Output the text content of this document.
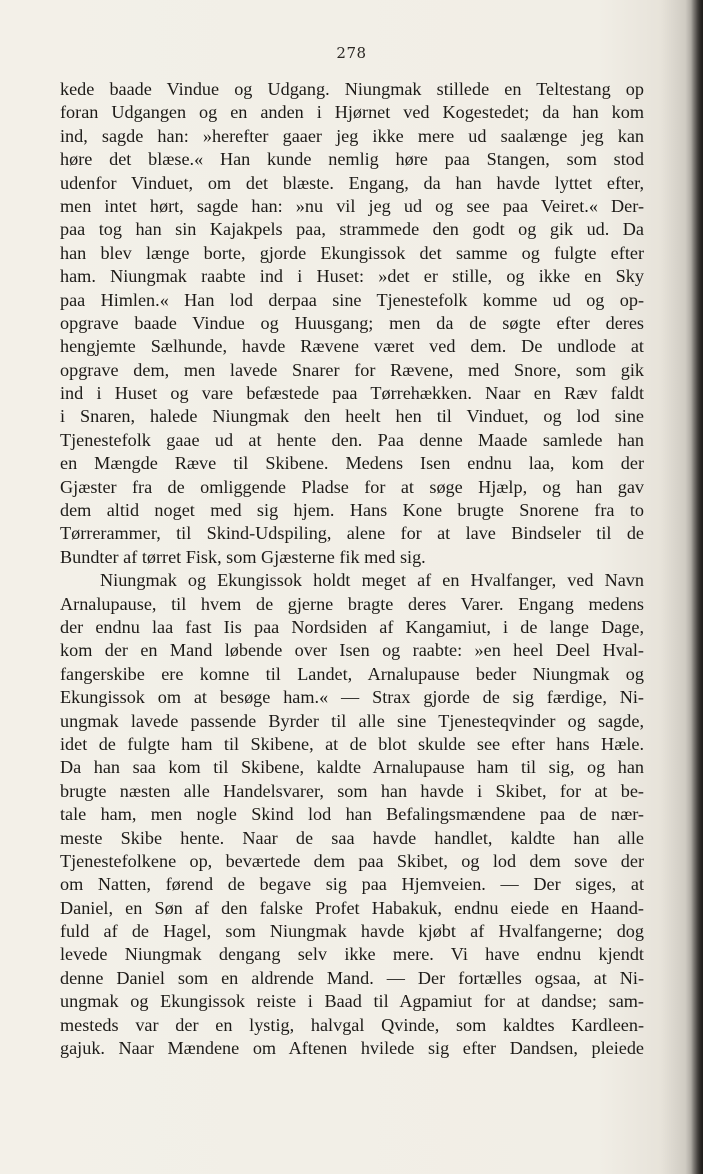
278
kede baade Vindue og Udgang. Niungmak stillede en Teltestang op
foran Udgangen og en anden i Hjørnet ved Kogestedet; da han kom
ind, sagde han: »herefter gaaer jeg ikke mere ud saalænge jeg kan
høre det blæse.« Han kunde nemlig høre paa Stangen, som stod
udenfor Vinduet, om det blæste. Engang, da han havde lyttet efter,
men intet hørt, sagde han: »nu vil jeg ud og see paa Veiret.« Der-
paa tog han sin Kajakpels paa, strammede den godt og gik ud. Da
han blev længe borte, gjorde Ekungissok det samme og fulgte efter
ham. Niungmak raabte ind i Huset: »det er stille, og ikke en Sky
paa Himlen.« Han lod derpaa sine Tjenestefolk komme ud og op-
opgrave baade Vindue og Huusgang; men da de søgte efter deres
hengjemte Sælhunde, havde Rævene været ved dem. De undlode at
opgrave dem, men lavede Snarer for Rævene, med Snore, som gik
ind i Huset og vare befæstede paa Tørrehækken. Naar en Ræv faldt
i Snaren, halede Niungmak den heelt hen til Vinduet, og lod sine
Tjenestefolk gaae ud at hente den. Paa denne Maade samlede han
en Mængde Ræve til Skibene. Medens Isen endnu laa, kom der
Gjæster fra de omliggende Pladse for at søge Hjælp, og han gav
dem altid noget med sig hjem. Hans Kone brugte Snorene fra to
Tørrerammer, til Skind-Udspiling, alene for at lave Bindseler til de
Bundter af tørret Fisk, som Gjæsterne fik med sig.
Niungmak og Ekungissok holdt meget af en Hvalfanger, ved Navn
Arnalupause, til hvem de gjerne bragte deres Varer. Engang medens
der endnu laa fast Iis paa Nordsiden af Kangamiut, i de lange Dage,
kom der en Mand løbende over Isen og raabte: »en heel Deel Hval-
fangerskibe ere komne til Landet, Arnalupause beder Niungmak og
Ekungissok om at besøge ham.« — Strax gjorde de sig færdige, Ni-
ungmak lavede passende Byrder til alle sine Tjenesteqvinder og sagde,
idet de fulgte ham til Skibene, at de blot skulde see efter hans Hæle.
Da han saa kom til Skibene, kaldte Arnalupause ham til sig, og han
brugte næsten alle Handelsvarer, som han havde i Skibet, for at be-
tale ham, men nogle Skind lod han Befalingsmændene paa de nær-
meste Skibe hente. Naar de saa havde handlet, kaldte han alle
Tjenestefolkene op, beværtede dem paa Skibet, og lod dem sove der
om Natten, førend de begave sig paa Hjemveien. — Der siges, at
Daniel, en Søn af den falske Profet Habakuk, endnu eiede en Haand-
fuld af de Hagel, som Niungmak havde kjøbt af Hvalfangerne; dog
levede Niungmak dengang selv ikke mere. Vi have endnu kjendt
denne Daniel som en aldrende Mand. — Der fortælles ogsaa, at Ni-
ungmak og Ekungissok reiste i Baad til Agpamiut for at dandse; sam-
mesteds var der en lystig, halvgal Qvinde, som kaldtes Kardleen-
gajuk. Naar Mændene om Aftenen hvilede sig efter Dandsen, pleiede
